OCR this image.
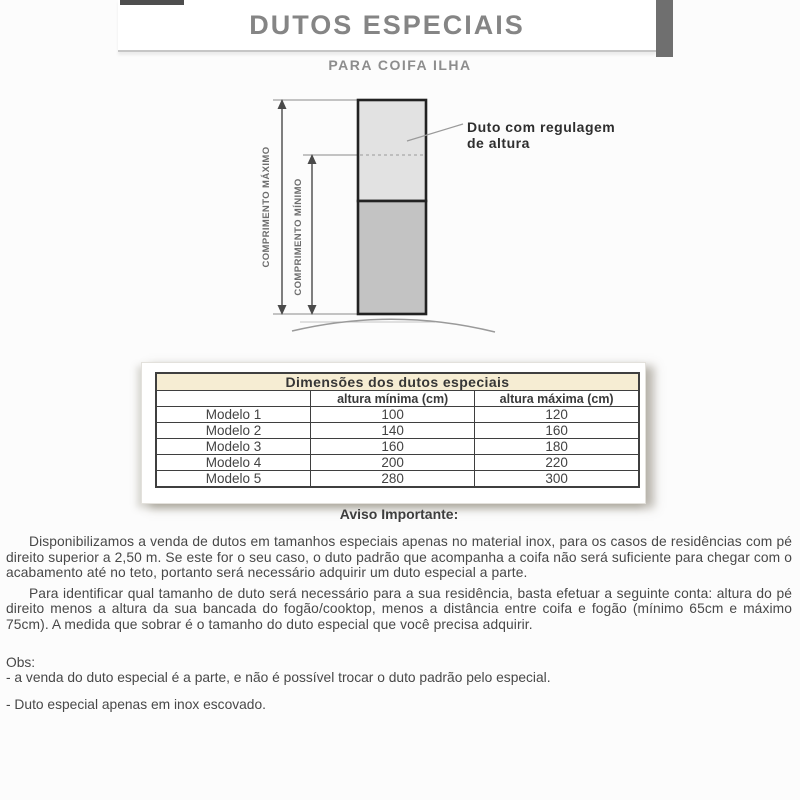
DUTOS ESPECIAIS
PARA COIFA ILHA
Duto com regulagem
de altura
COMPRIMENTO MÁXIMO COMPRIMENTO MÍNIMO
Dimensões dos dutos especiais		
	altura mínima (cm)	altura máxima (cm)
Modelo 1	100	120
Modelo 2	140	160
Modelo 3	160	180
Modelo 4	200	220
Modelo 5	280	300
Aviso Importante:

Disponibilizamos a venda de dutos em tamanhos especiais apenas no material inox, para os casos de residências com pé direito superior a 2,50 m. Se este for o seu caso, o duto padrão que acompanha a coifa não será suficiente para chegar com o acabamento até no teto, portanto será necessário adquirir um duto especial a parte.

Para identificar qual tamanho de duto será necessário para a sua residência, basta efetuar a seguinte conta: altura do pé direito menos a altura da sua bancada do fogão/cooktop, menos a distância entre coifa e fogão (mínimo 65cm e máximo 75cm). A medida que sobrar é o tamanho do duto especial que você precisa adquirir.

Obs:

- a venda do duto especial é a parte, e não é possível trocar o duto padrão pelo especial.

- Duto especial apenas em inox escovado.
